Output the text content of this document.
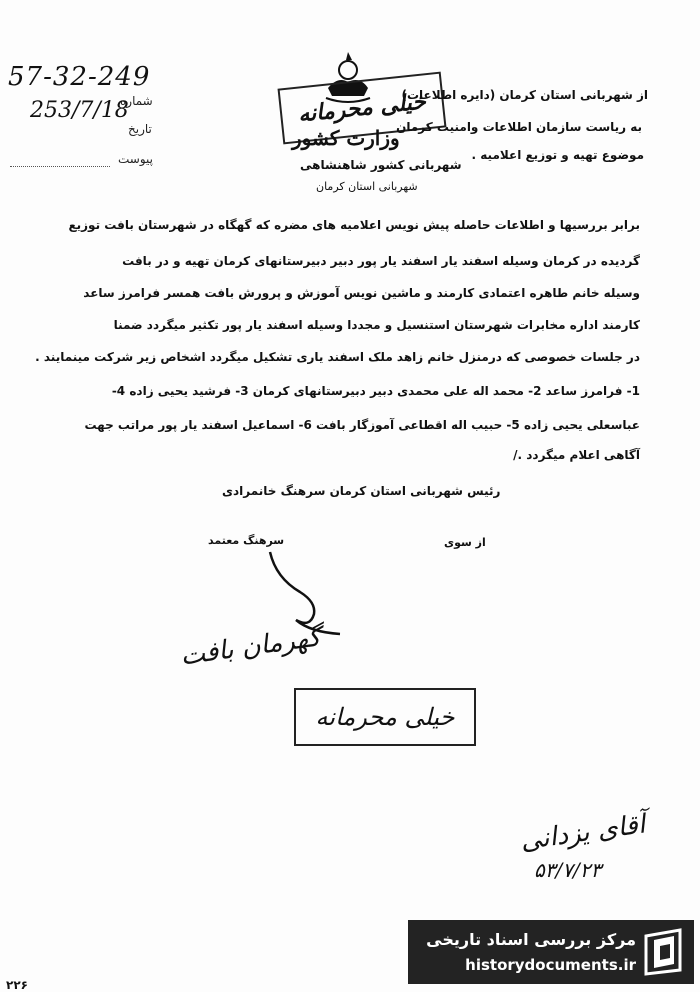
57-32-249
شماره
253/7/18
تاریخ
پیوست
خیلی محرمانه
وزارت کشور
شهربانی کشور شاهنشاهی
شهربانی استان کرمان
از شهربانی استان کرمان (دایره اطلاعات)
به ریاست سازمان اطلاعات وامنیت کرمان
موضوع تهیه و توزیع اعلامیه .
برابر بررسیها و اطلاعات حاصله پیش نویس اعلامیه های مضره که گهگاه در شهرستان بافت توزیع
گردیده در کرمان وسیله اسفند یار اسفند یار پور دبیر دبیرستانهای کرمان تهیه و در بافت
وسیله خانم طاهره اعتمادی کارمند و ماشین نویس آموزش و پرورش بافت همسر فرامرز ساعد
کارمند اداره مخابرات شهرستان استنسیل و مجددا وسیله اسفند یار پور تکثیر میگردد ضمنا
در جلسات خصوصی که درمنزل خانم زاهد ملک اسفند یاری تشکیل میگردد اشخاص زیر شرکت مینمایند .
1- فرامرز ساعد 2- محمد اله علی محمدی دبیر دبیرستانهای کرمان 3- فرشید یحیی زاده 4-
عباسعلی یحیی زاده 5- حبیب اله اقطاعی آموزگار بافت 6- اسماعیل اسفند یار پور مراتب جهت
آگاهی اعلام میگردد ./
رئیس شهربانی استان کرمان سرهنگ خانمرادی
از سوی
سرهنگ معتمد
گهرمان بافت
خیلی محرمانه
آقای یزدانی
۵۳/۷/۲۳
مرکز بررسی اسناد تاریخی
historydocuments.ir
۲۲۶
